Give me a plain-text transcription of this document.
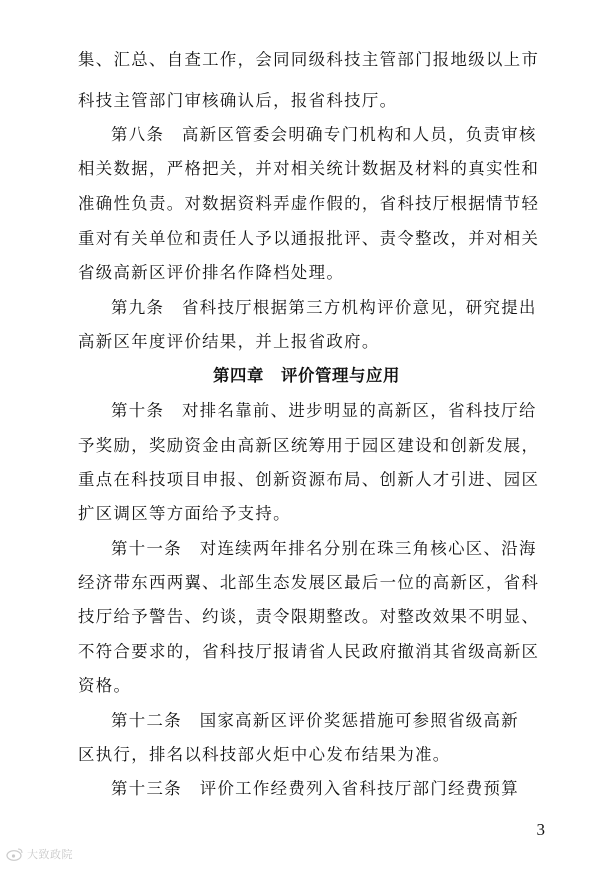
集、汇总、自查工作，会同同级科技主管部门报地级以上市
科技主管部门审核确认后，报省科技厅。
第八条　高新区管委会明确专门机构和人员，负责审核
相关数据，严格把关，并对相关统计数据及材料的真实性和
准确性负责。对数据资料弄虚作假的，省科技厅根据情节轻
重对有关单位和责任人予以通报批评、责令整改，并对相关
省级高新区评价排名作降档处理。
第九条　省科技厅根据第三方机构评价意见，研究提出
高新区年度评价结果，并上报省政府。
第四章　评价管理与应用
第十条　对排名靠前、进步明显的高新区，省科技厅给
予奖励，奖励资金由高新区统筹用于园区建设和创新发展，
重点在科技项目申报、创新资源布局、创新人才引进、园区
扩区调区等方面给予支持。
第十一条　对连续两年排名分别在珠三角核心区、沿海
经济带东西两翼、北部生态发展区最后一位的高新区，省科
技厅给予警告、约谈，责令限期整改。对整改效果不明显、
不符合要求的，省科技厅报请省人民政府撤消其省级高新区
资格。
第十二条　国家高新区评价奖惩措施可参照省级高新
区执行，排名以科技部火炬中心发布结果为准。
第十三条　评价工作经费列入省科技厅部门经费预算
3
大致政院
